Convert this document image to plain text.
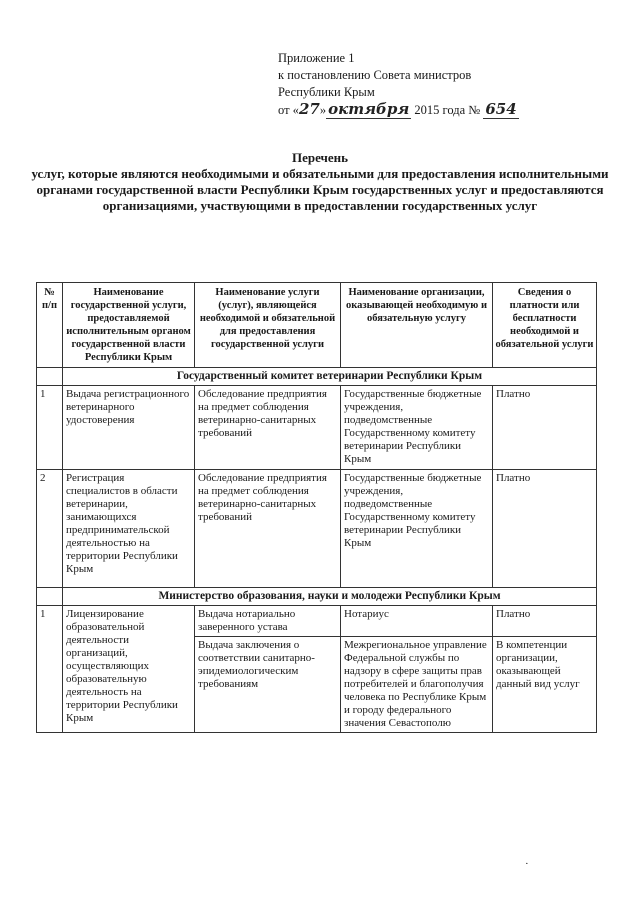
Приложение 1
к постановлению Совета министров
Республики Крым
от «27» октября 2015 года № 654
Перечень
услуг, которые являются необходимыми и обязательными для предоставления исполнительными органами государственной власти Республики Крым государственных услуг и предоставляются организациями, участвующими в предоставлении государственных услуг
№ п/п	Наименование государственной услуги, предоставляемой исполнительным органом государственной власти Республики Крым	Наименование услуги (услуг), являющейся необходимой и обязательной для предоставления государственной услуги	Наименование организации, оказывающей необходимую и обязательную услугу	Сведения о платности или бесплатности необходимой и обязательной услуги
	Государственный комитет ветеринарии Республики Крым			
1	Выдача регистрационного ветеринарного удостоверения	Обследование предприятия на предмет соблюдения ветеринарно-санитарных требований	Государственные бюджетные учреждения, подведомственные Государственному комитету ветеринарии Республики Крым	Платно
2	Регистрация специалистов в области ветеринарии, занимающихся предпринимательской деятельностью на территории Республики Крым	Обследование предприятия на предмет соблюдения ветеринарно-санитарных требований	Государственные бюджетные учреждения, подведомственные Государственному комитету ветеринарии Республики Крым	Платно
	Министерство образования, науки и молодежи Республики Крым			
1	Лицензирование образовательной деятельности организаций, осуществляющих образовательную деятельность на территории Республики Крым	Выдача нотариально заверенного устава	Нотариус	Платно
		Выдача заключения о соответствии санитарно-эпидемиологическим требованиям	Межрегиональное управление Федеральной службы по надзору в сфере защиты прав потребителей и благополучия человека по Республике Крым и городу федерального значения Севастополю	В компетенции организации, оказывающей данный вид услуг
·
